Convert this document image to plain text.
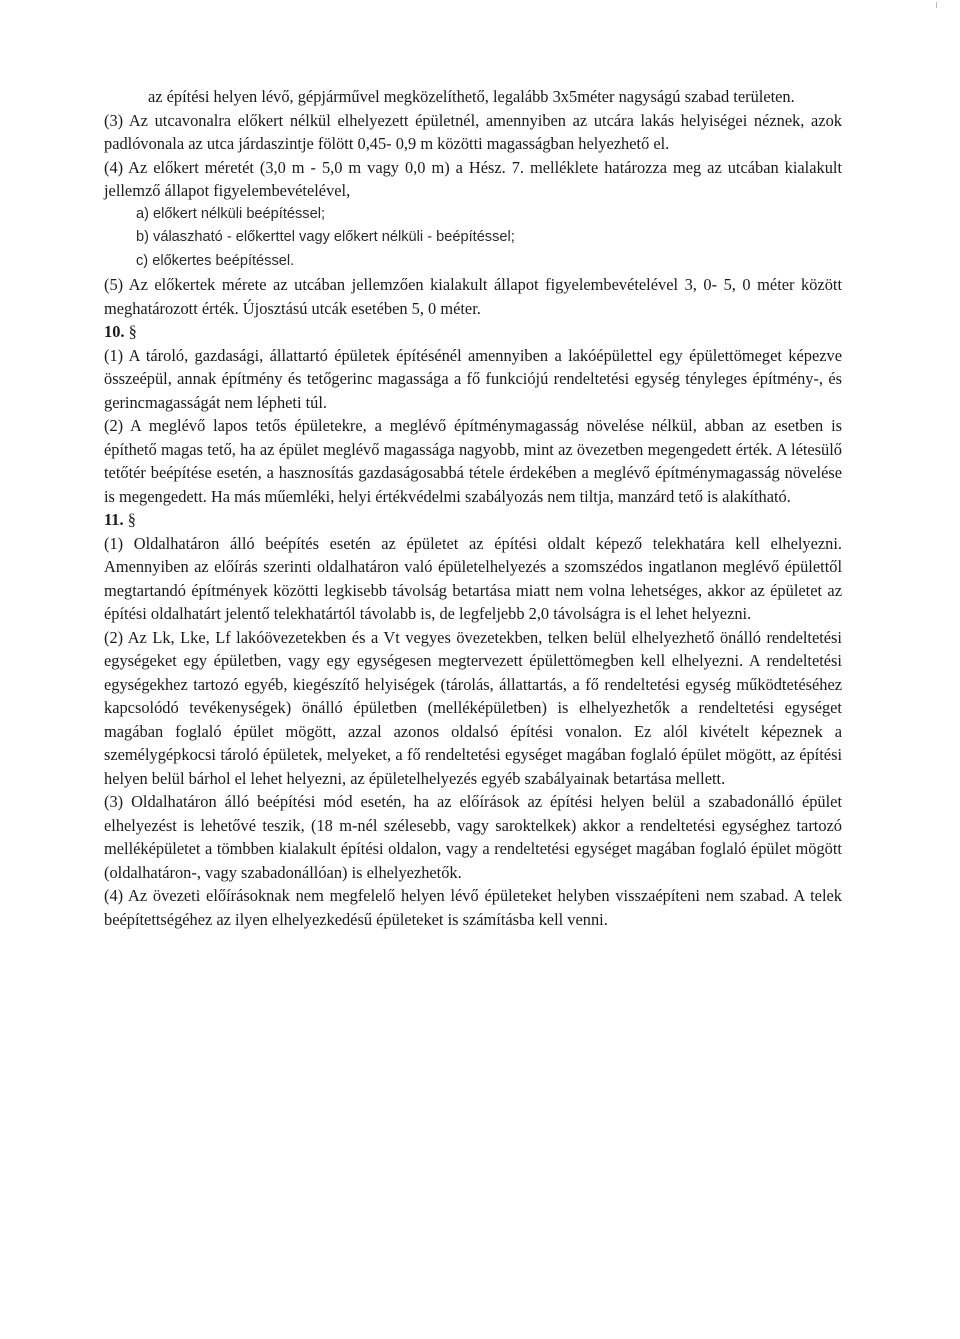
az építési helyen lévő, gépjárművel megközelíthető, legalább 3x5méter nagyságú szabad területen.

(3) Az utcavonalra előkert nélkül elhelyezett épületnél, amennyiben az utcára lakás helyiségei néznek, azok padlóvonala az utca járdaszintje fölött 0,45- 0,9 m közötti magasságban helyezhető el.

(4) Az előkert méretét (3,0 m - 5,0 m vagy 0,0 m) a Hész. 7. melléklete határozza meg az utcában kialakult jellemző állapot figyelembevételével,

a) előkert nélküli beépítéssel;

b) válaszható - előkerttel vagy előkert nélküli - beépítéssel;

c) előkertes beépítéssel.

(5) Az előkertek mérete az utcában jellemzően kialakult állapot figyelembevételével 3, 0- 5, 0 méter között meghatározott érték. Újosztású utcák esetében 5, 0 méter.

10. §

(1) A tároló, gazdasági, állattartó épületek építésénél amennyiben a lakóépülettel egy épülettömeget képezve összeépül, annak építmény és tetőgerinc magassága a fő funkciójú rendeltetési egység tényleges építmény-, és gerincmagasságát nem lépheti túl.

(2) A meglévő lapos tetős épületekre, a meglévő építménymagasság növelése nélkül, abban az esetben is építhető magas tető, ha az épület meglévő magassága nagyobb, mint az övezetben megengedett érték. A létesülő tetőtér beépítése esetén, a hasznosítás gazdaságosabbá tétele érdekében a meglévő építménymagasság növelése is megengedett. Ha más műemléki, helyi értékvédelmi szabályozás nem tiltja, manzárd tető is alakítható.

11. §

(1) Oldalhatáron álló beépítés esetén az épületet az építési oldalt képező telekhatára kell elhelyezni. Amennyiben az előírás szerinti oldalhatáron való épületelhelyezés a szomszédos ingatlanon meglévő épülettől megtartandó építmények közötti legkisebb távolság betartása miatt nem volna lehetséges, akkor az épületet az építési oldalhatárt jelentő telekhatártól távolabb is, de legfeljebb 2,0 távolságra is el lehet helyezni.

(2) Az Lk, Lke, Lf lakóövezetekben és a Vt vegyes övezetekben, telken belül elhelyezhető önálló rendeltetési egységeket egy épületben, vagy egy egységesen megtervezett épülettömegben kell elhelyezni. A rendeltetési egységekhez tartozó egyéb, kiegészítő helyiségek (tárolás, állattartás, a fő rendeltetési egység működtetéséhez kapcsolódó tevékenységek) önálló épületben (melléképületben) is elhelyezhetők a rendeltetési egységet magában foglaló épület mögött, azzal azonos oldalsó építési vonalon. Ez alól kivételt képeznek a személygépkocsi tároló épületek, melyeket, a fő rendeltetési egységet magában foglaló épület mögött, az építési helyen belül bárhol el lehet helyezni, az épületelhelyezés egyéb szabályainak betartása mellett.

(3) Oldalhatáron álló beépítési mód esetén, ha az előírások az építési helyen belül a szabadonálló épület elhelyezést is lehetővé teszik, (18 m-nél szélesebb, vagy saroktelkek) akkor a rendeltetési egységhez tartozó melléképületet a tömbben kialakult építési oldalon, vagy a rendeltetési egységet magában foglaló épület mögött (oldalhatáron-, vagy szabadonállóan) is elhelyezhetők.

(4) Az övezeti előírásoknak nem megfelelő helyen lévő épületeket helyben visszaépíteni nem szabad. A telek beépítettségéhez az ilyen elhelyezkedésű épületeket is számításba kell venni.
